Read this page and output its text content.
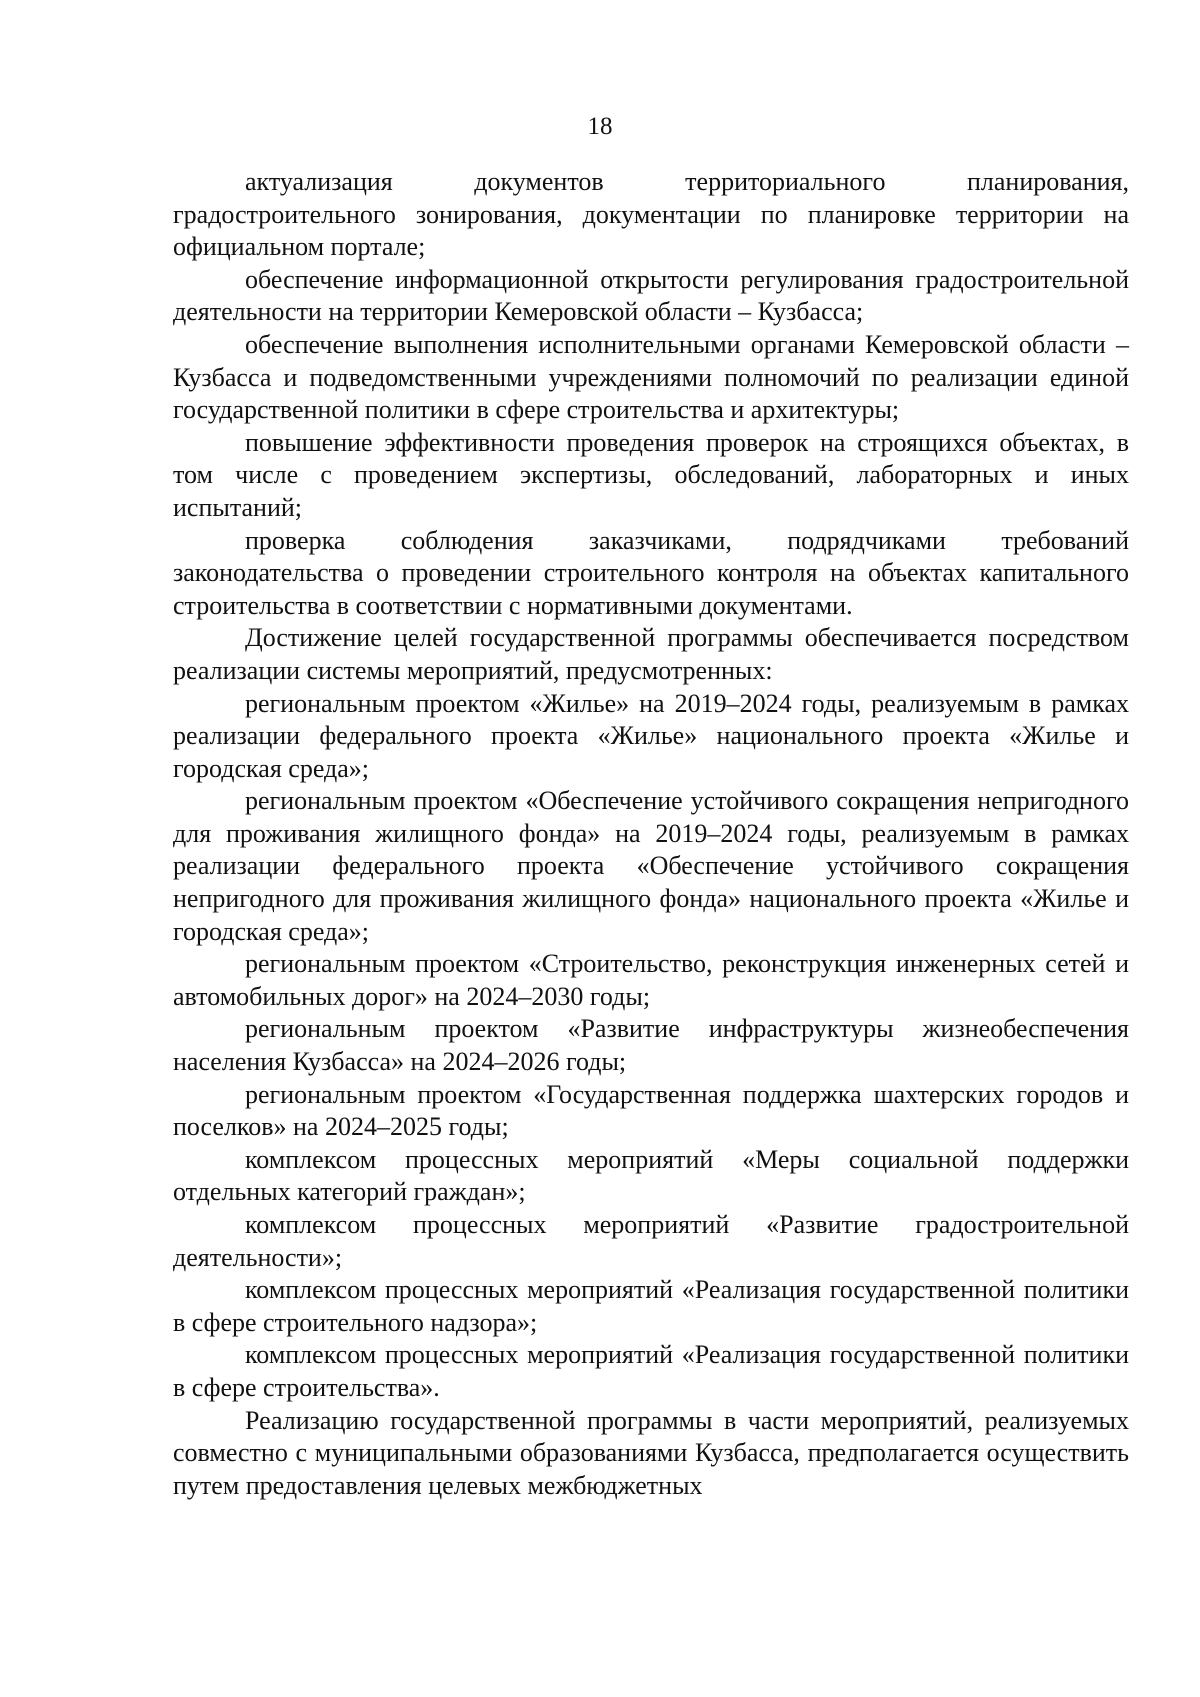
18

актуализация документов территориального планирования, градостроительного зонирования, документации по планировке территории на официальном портале;

обеспечение информационной открытости регулирования градостроительной деятельности на территории Кемеровской области – Кузбасса;

обеспечение выполнения исполнительными органами Кемеровской области – Кузбасса и подведомственными учреждениями полномочий по реализации единой государственной политики в сфере строительства и архитектуры;

повышение эффективности проведения проверок на строящихся объектах, в том числе с проведением экспертизы, обследований, лабораторных и иных испытаний;

проверка соблюдения заказчиками, подрядчиками требований законодательства о проведении строительного контроля на объектах капитального строительства в соответствии с нормативными документами.

Достижение целей государственной программы обеспечивается посредством реализации системы мероприятий, предусмотренных:

региональным проектом «Жилье» на 2019–2024 годы, реализуемым в рамках реализации федерального проекта «Жилье» национального проекта «Жилье и городская среда»;

региональным проектом «Обеспечение устойчивого сокращения непригодного для проживания жилищного фонда» на 2019–2024 годы, реализуемым в рамках реализации федерального проекта «Обеспечение устойчивого сокращения непригодного для проживания жилищного фонда» национального проекта «Жилье и городская среда»;

региональным проектом «Строительство, реконструкция инженерных сетей и автомобильных дорог» на 2024–2030 годы;

региональным проектом «Развитие инфраструктуры жизнеобеспечения населения Кузбасса» на 2024–2026 годы;

региональным проектом «Государственная поддержка шахтерских городов и поселков» на 2024–2025 годы;

комплексом процессных мероприятий «Меры социальной поддержки отдельных категорий граждан»;

комплексом процессных мероприятий «Развитие градостроительной деятельности»;

комплексом процессных мероприятий «Реализация государственной политики в сфере строительного надзора»;

комплексом процессных мероприятий «Реализация государственной политики в сфере строительства».

Реализацию государственной программы в части мероприятий, реализуемых совместно с муниципальными образованиями Кузбасса, предполагается осуществить путем предоставления целевых межбюджетных
